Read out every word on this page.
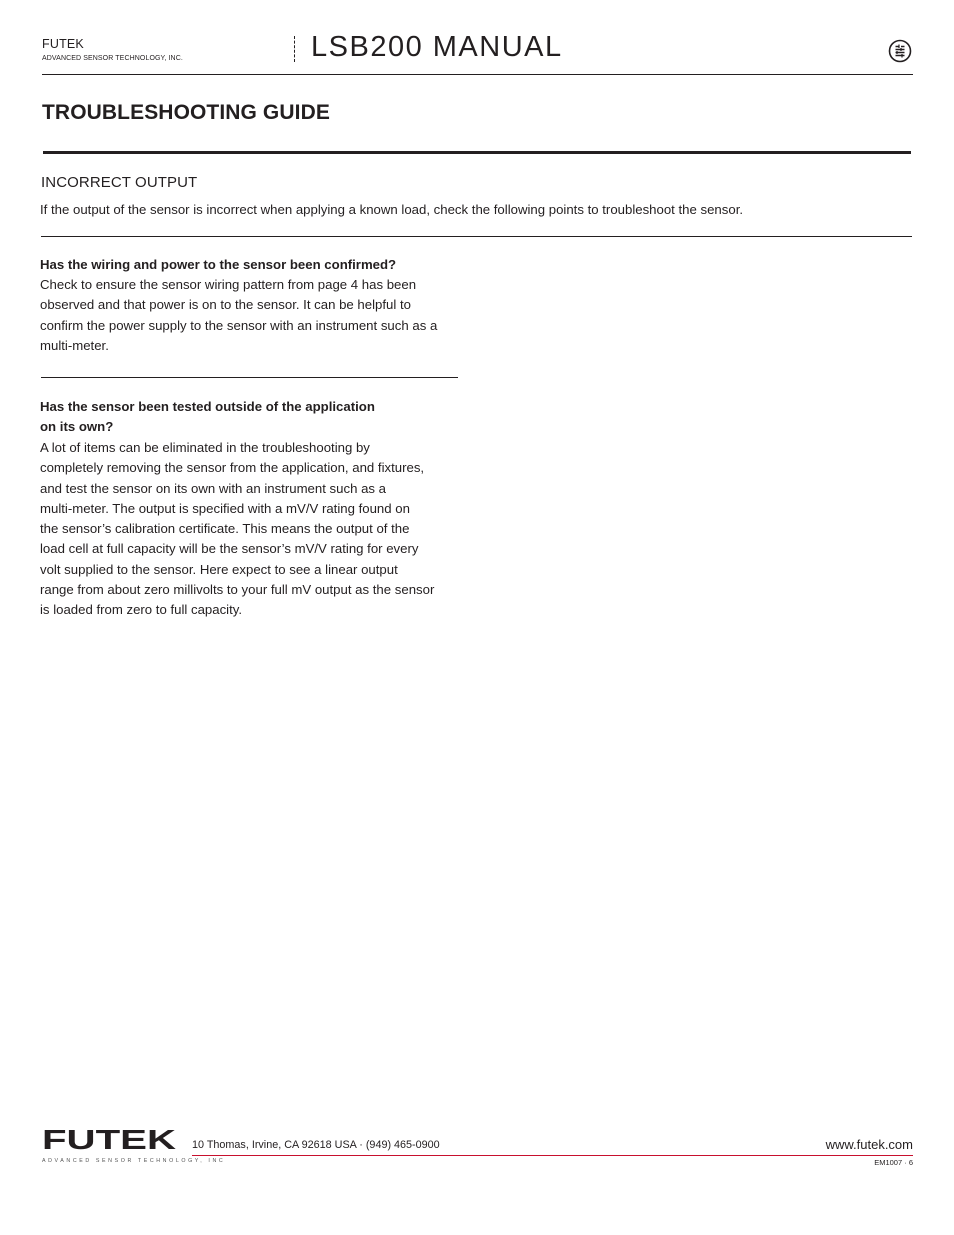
FUTEK
ADVANCED SENSOR TECHNOLOGY, INC.	LSB200 MANUAL
TROUBLESHOOTING GUIDE
INCORRECT OUTPUT
If the output of the sensor is incorrect when applying a known load, check the following points to troubleshoot the sensor.
Has the wiring and power to the sensor been confirmed?
Check to ensure the sensor wiring pattern from page 4 has been
observed and that power is on to the sensor. It can be helpful to
confirm the power supply to the sensor with an instrument such as a
multi-meter.
Has the sensor been tested outside of the application
on its own?
A lot of items can be eliminated in the troubleshooting by
completely removing the sensor from the application, and fixtures,
and test the sensor on its own with an instrument such as a
multi-meter. The output is specified with a mV/V rating found on
the sensor’s calibration certificate. This means the output of the
load cell at full capacity will be the sensor’s mV/V rating for every
volt supplied to the sensor. Here expect to see a linear output
range from about zero millivolts to your full mV output as the sensor
is loaded from zero to full capacity.
FUTEK
ADVANCED SENSOR TECHNOLOGY, INC
10 Thomas, Irvine, CA 92618 USA · (949) 465-0900	www.futek.com
EM1007 · 6
